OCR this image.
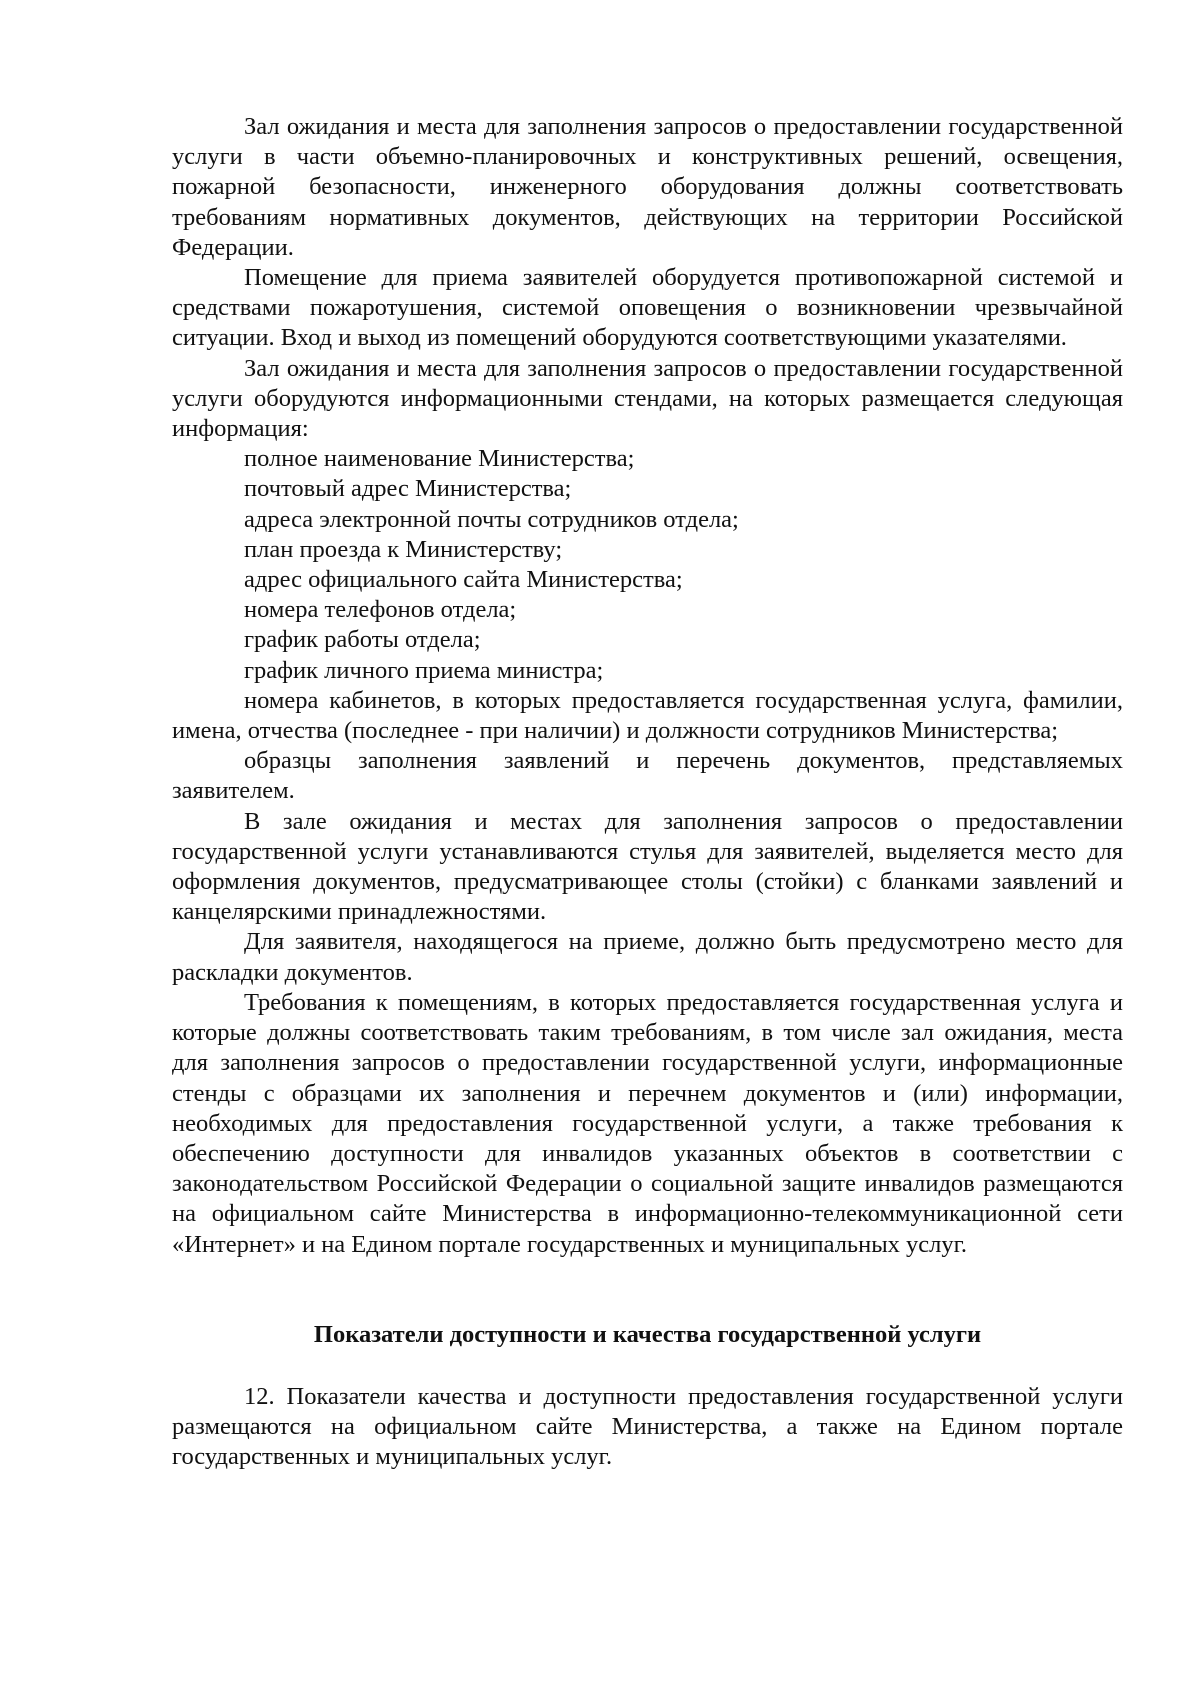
Зал ожидания и места для заполнения запросов о предоставлении государственной услуги в части объемно-планировочных и конструктивных решений, освещения, пожарной безопасности, инженерного оборудования должны соответствовать требованиям нормативных документов, действующих на территории Российской Федерации.

Помещение для приема заявителей оборудуется противопожарной системой и средствами пожаротушения, системой оповещения о возникновении чрезвычайной ситуации. Вход и выход из помещений оборудуются соответствующими указателями.

Зал ожидания и места для заполнения запросов о предоставлении государственной услуги оборудуются информационными стендами, на которых размещается следующая информация:

полное наименование Министерства;

почтовый адрес Министерства;

адреса электронной почты сотрудников отдела;

план проезда к Министерству;

адрес официального сайта Министерства;

номера телефонов отдела;

график работы отдела;

график личного приема министра;

номера кабинетов, в которых предоставляется государственная услуга, фамилии, имена, отчества (последнее - при наличии) и должности сотрудников Министерства;

образцы заполнения заявлений и перечень документов, представляемых заявителем.

В зале ожидания и местах для заполнения запросов о предоставлении государственной услуги устанавливаются стулья для заявителей, выделяется место для оформления документов, предусматривающее столы (стойки) с бланками заявлений и канцелярскими принадлежностями.

Для заявителя, находящегося на приеме, должно быть предусмотрено место для раскладки документов.

Требования к помещениям, в которых предоставляется государственная услуга и которые должны соответствовать таким требованиям, в том числе зал ожидания, места для заполнения запросов о предоставлении государственной услуги, информационные стенды с образцами их заполнения и перечнем документов и (или) информации, необходимых для предоставления государственной услуги, а также требования к обеспечению доступности для инвалидов указанных объектов в соответствии с законодательством Российской Федерации о социальной защите инвалидов размещаются на официальном сайте Министерства в информационно-телекоммуникационной сети «Интернет» и на Едином портале государственных и муниципальных услуг.

Показатели доступности и качества государственной услуги

12. Показатели качества и доступности предоставления государственной услуги размещаются на официальном сайте Министерства, а также на Едином портале государственных и муниципальных услуг.
